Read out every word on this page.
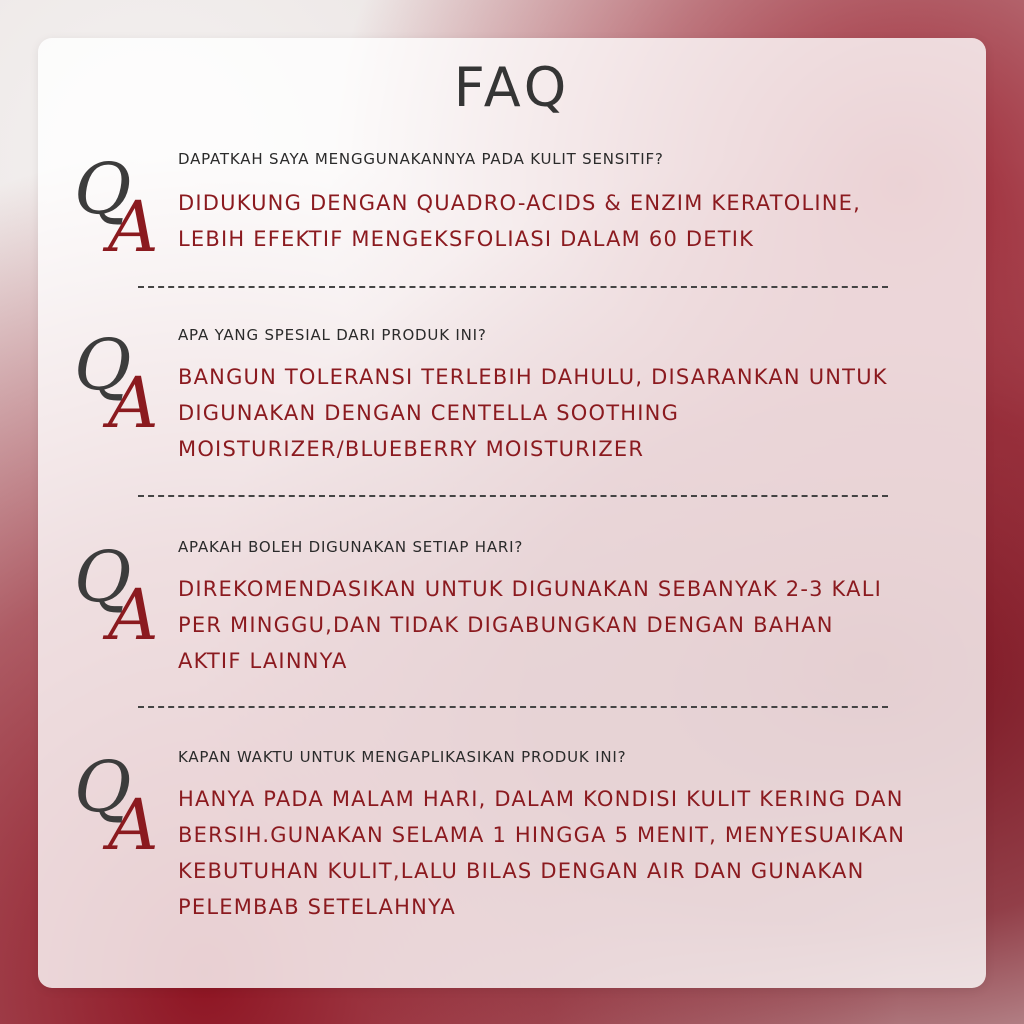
FAQ
Q
A
DAPATKAH SAYA MENGGUNAKANNYA PADA KULIT SENSITIF?
DIDUKUNG DENGAN QUADRO-ACIDS & ENZIM KERATOLINE,
LEBIH EFEKTIF MENGEKSFOLIASI DALAM 60 DETIK
Q
A
APA YANG SPESIAL DARI PRODUK INI?
BANGUN TOLERANSI TERLEBIH DAHULU, DISARANKAN UNTUK
DIGUNAKAN DENGAN CENTELLA SOOTHING
MOISTURIZER/BLUEBERRY MOISTURIZER
Q
A
APAKAH BOLEH DIGUNAKAN SETIAP HARI?
DIREKOMENDASIKAN UNTUK DIGUNAKAN SEBANYAK 2-3 KALI
PER MINGGU,DAN TIDAK DIGABUNGKAN DENGAN BAHAN
AKTIF LAINNYA
Q
A
KAPAN WAKTU UNTUK MENGAPLIKASIKAN PRODUK INI?
HANYA PADA MALAM HARI, DALAM KONDISI KULIT KERING DAN
BERSIH.GUNAKAN SELAMA 1 HINGGA 5 MENIT, MENYESUAIKAN
KEBUTUHAN KULIT,LALU BILAS DENGAN AIR DAN GUNAKAN
PELEMBAB SETELAHNYA
